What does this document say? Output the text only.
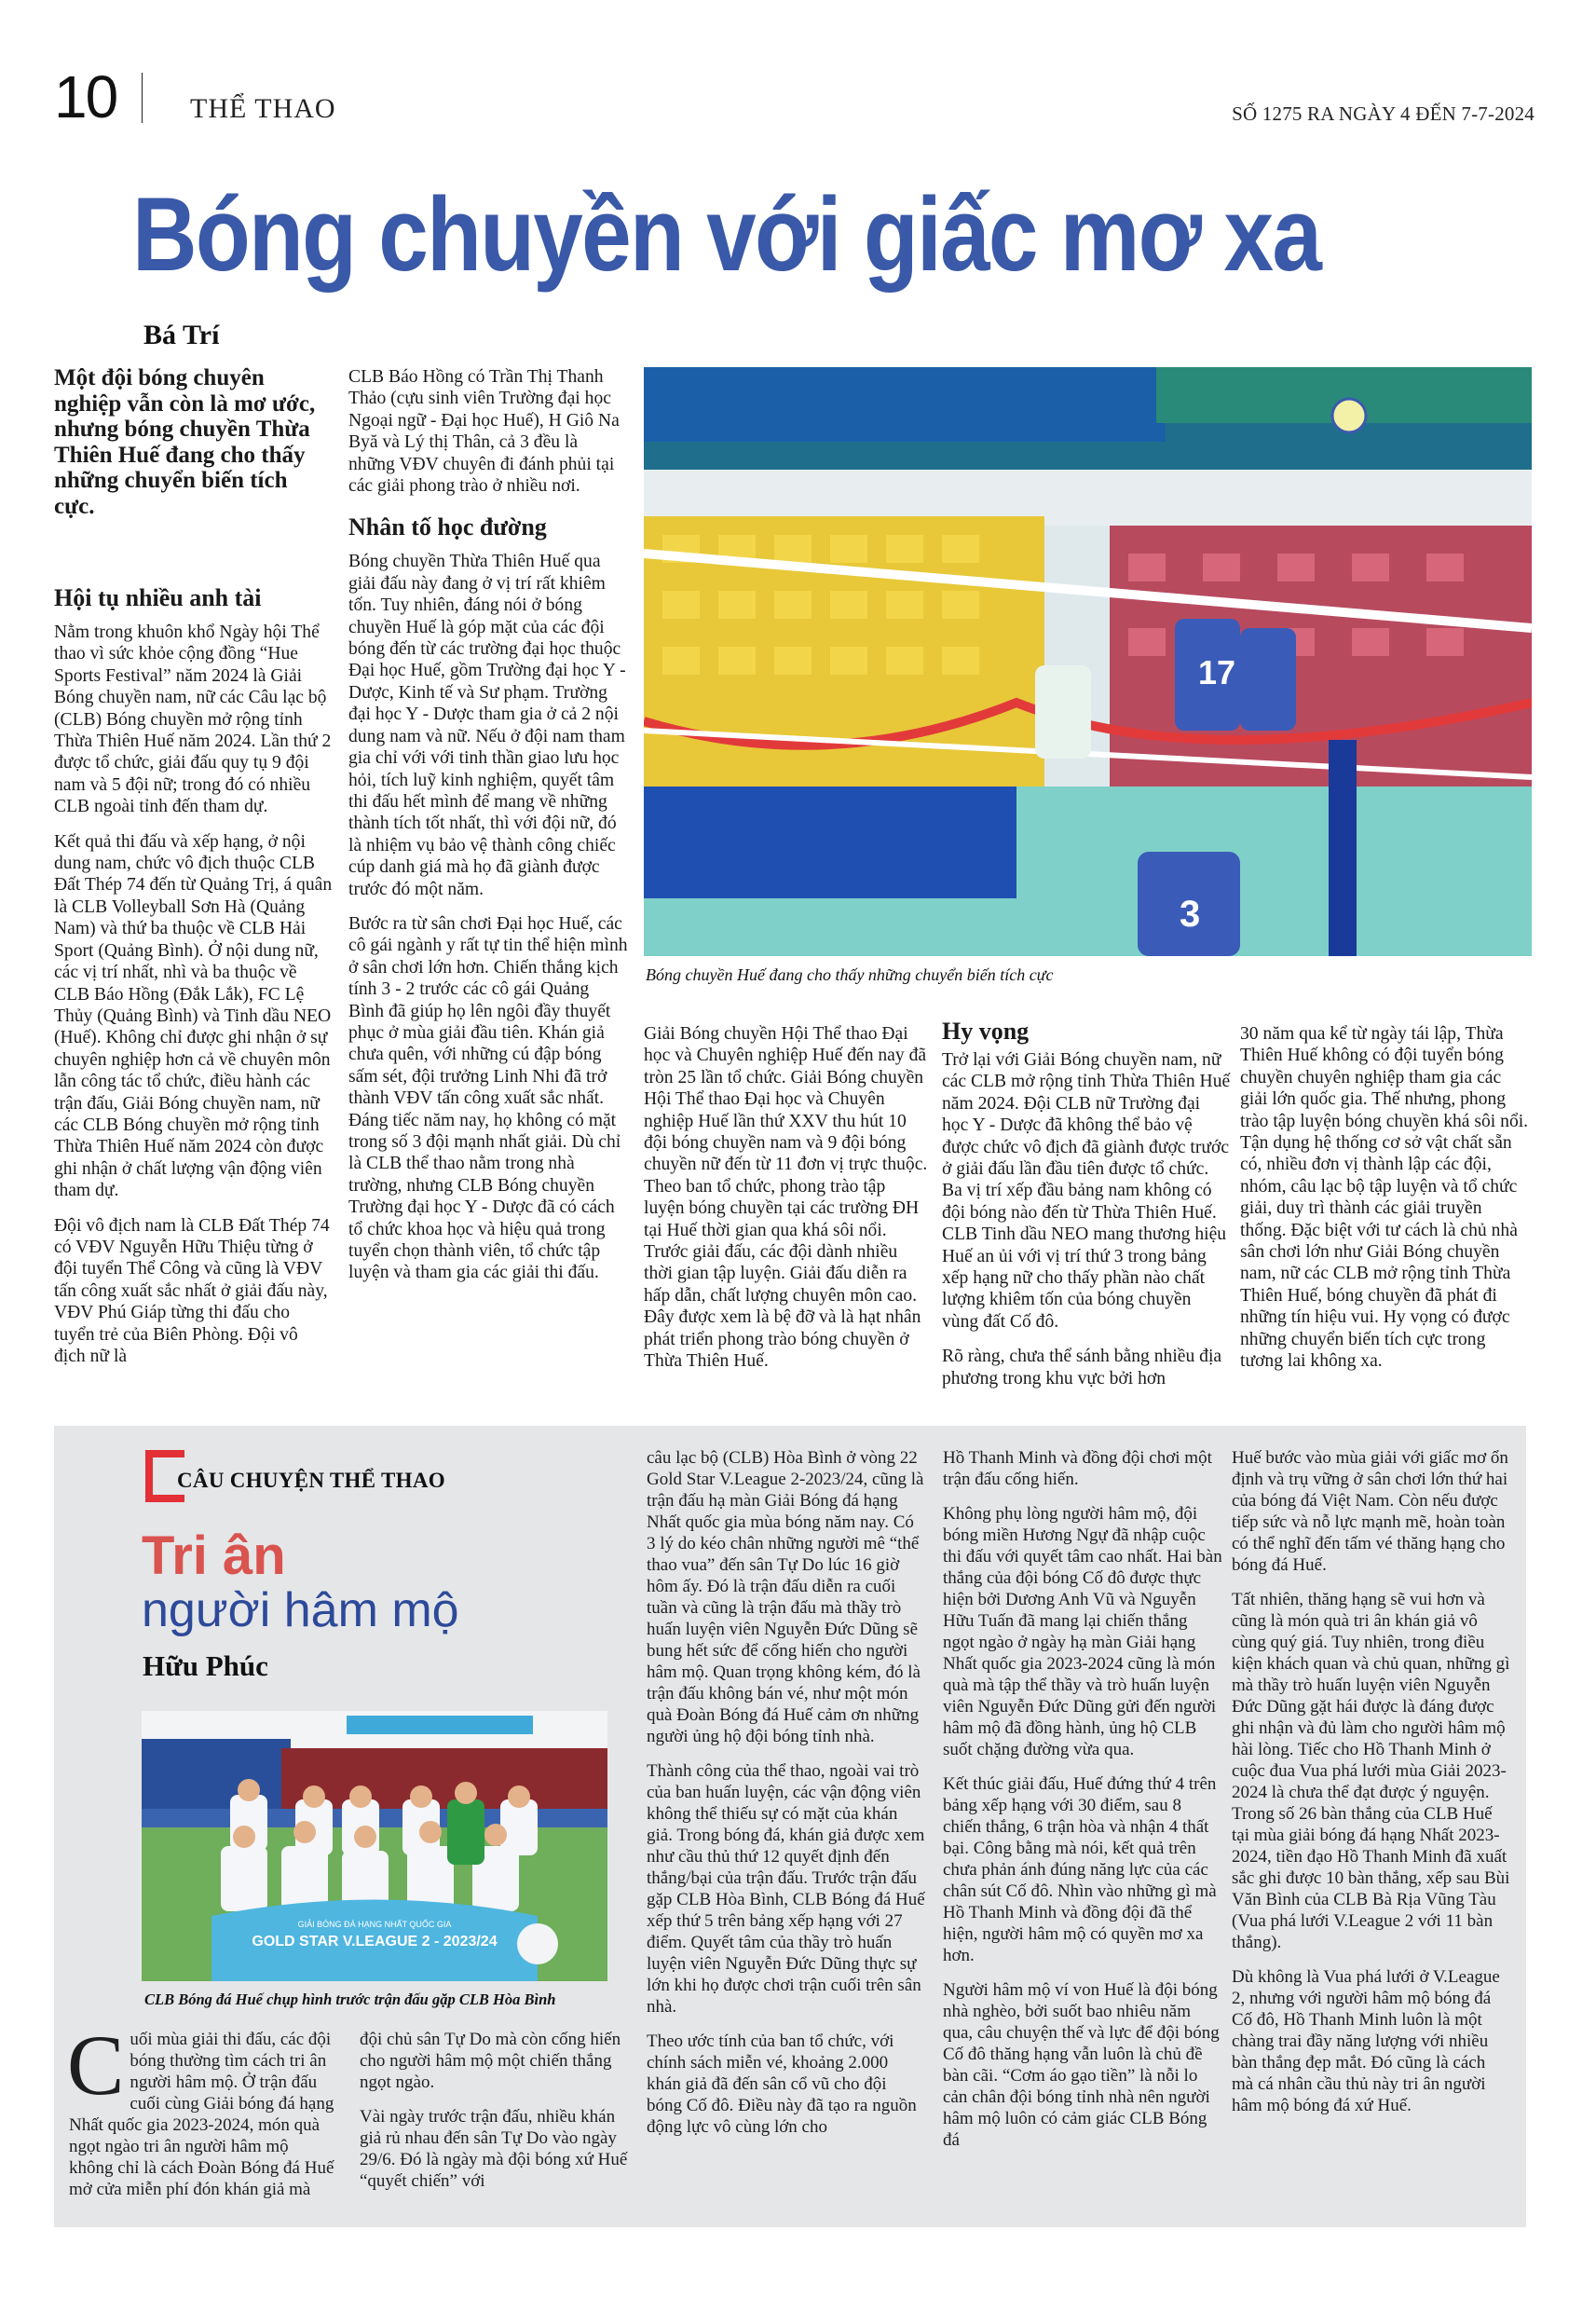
10	THỂ THAO	SỐ 1275 RA NGÀY 4 ĐẾN 7-7-2024
Bóng chuyền với giấc mơ xa
Bá Trí

Một đội bóng chuyên nghiệp vẫn còn là mơ ước, nhưng bóng chuyền Thừa Thiên Huế đang cho thấy những chuyển biến tích cực.

Hội tụ nhiều anh tài

Nằm trong khuôn khổ Ngày hội Thể thao vì sức khỏe cộng đồng “Hue Sports Festival” năm 2024 là Giải Bóng chuyền nam, nữ các Câu lạc bộ (CLB) Bóng chuyền mở rộng tỉnh Thừa Thiên Huế năm 2024. Lần thứ 2 được tổ chức, giải đấu quy tụ 9 đội nam và 5 đội nữ; trong đó có nhiều CLB ngoài tỉnh đến tham dự.

Kết quả thi đấu và xếp hạng, ở nội dung nam, chức vô địch thuộc CLB Đất Thép 74 đến từ Quảng Trị, á quân là CLB Volleyball Sơn Hà (Quảng Nam) và thứ ba thuộc về CLB Hải Sport (Quảng Bình). Ở nội dung nữ, các vị trí nhất, nhì và ba thuộc về CLB Báo Hồng (Đắk Lắk), FC Lệ Thủy (Quảng Bình) và Tinh dầu NEO (Huế). Không chỉ được ghi nhận ở sự chuyên nghiệp hơn cả về chuyên môn lẫn công tác tổ chức, điều hành các trận đấu, Giải Bóng chuyền nam, nữ các CLB Bóng chuyền mở rộng tỉnh Thừa Thiên Huế năm 2024 còn được ghi nhận ở chất lượng vận động viên tham dự.

Đội vô địch nam là CLB Đất Thép 74 có VĐV Nguyễn Hữu Thiệu từng ở đội tuyển Thể Công và cũng là VĐV tấn công xuất sắc nhất ở giải đấu này, VĐV Phú Giáp từng thi đấu cho tuyển trẻ của Biên Phòng. Đội vô địch nữ là

CLB Báo Hồng có Trần Thị Thanh Thảo (cựu sinh viên Trường đại học Ngoại ngữ - Đại học Huế), H Giô Na Byă và Lý thị Thân, cả 3 đều là những VĐV chuyên đi đánh phủi tại các giải phong trào ở nhiều nơi.

Nhân tố học đường

Bóng chuyền Thừa Thiên Huế qua giải đấu này đang ở vị trí rất khiêm tốn. Tuy nhiên, đáng nói ở bóng chuyền Huế là góp mặt của các đội bóng đến từ các trường đại học thuộc Đại học Huế, gồm Trường đại học Y - Dược, Kinh tế và Sư phạm. Trường đại học Y - Dược tham gia ở cả 2 nội dung nam và nữ. Nếu ở đội nam tham gia chỉ với với tinh thần giao lưu học hỏi, tích luỹ kinh nghiệm, quyết tâm thi đấu hết mình để mang về những thành tích tốt nhất, thì với đội nữ, đó là nhiệm vụ bảo vệ thành công chiếc cúp danh giá mà họ đã giành được trước đó một năm.

Bước ra từ sân chơi Đại học Huế, các cô gái ngành y rất tự tin thể hiện mình ở sân chơi lớn hơn. Chiến thắng kịch tính 3 - 2 trước các cô gái Quảng Bình đã giúp họ lên ngôi đầy thuyết phục ở mùa giải đầu tiên. Khán giả chưa quên, với những cú đập bóng sấm sét, đội trưởng Linh Nhi đã trở thành VĐV tấn công xuất sắc nhất. Đáng tiếc năm nay, họ không có mặt trong số 3 đội mạnh nhất giải. Dù chỉ là CLB thể thao nằm trong nhà trường, nhưng CLB Bóng chuyền Trường đại học Y - Dược đã có cách tổ chức khoa học và hiệu quả trong tuyển chọn thành viên, tổ chức tập luyện và tham gia các giải thi đấu.

17
3
Bóng chuyền Huế đang cho thấy những chuyển biến tích cực

Giải Bóng chuyền Hội Thể thao Đại học và Chuyên nghiệp Huế đến nay đã tròn 25 lần tổ chức. Giải Bóng chuyền Hội Thể thao Đại học và Chuyên nghiệp Huế lần thứ XXV thu hút 10 đội bóng chuyền nam và 9 đội bóng chuyền nữ đến từ 11 đơn vị trực thuộc. Theo ban tổ chức, phong trào tập luyện bóng chuyền tại các trường ĐH tại Huế thời gian qua khá sôi nổi. Trước giải đấu, các đội dành nhiều thời gian tập luyện. Giải đấu diễn ra hấp dẫn, chất lượng chuyên môn cao. Đây được xem là bệ đỡ và là hạt nhân phát triển phong trào bóng chuyền ở Thừa Thiên Huế.

Hy vọng

Trở lại với Giải Bóng chuyền nam, nữ các CLB mở rộng tỉnh Thừa Thiên Huế năm 2024. Đội CLB nữ Trường đại học Y - Dược đã không thể bảo vệ được chức vô địch đã giành được trước ở giải đấu lần đầu tiên được tổ chức. Ba vị trí xếp đầu bảng nam không có đội bóng nào đến từ Thừa Thiên Huế. CLB Tinh dầu NEO mang thương hiệu Huế an ủi với vị trí thứ 3 trong bảng xếp hạng nữ cho thấy phần nào chất lượng khiêm tốn của bóng chuyền vùng đất Cố đô.

Rõ ràng, chưa thể sánh bằng nhiều địa phương trong khu vực bởi hơn

30 năm qua kể từ ngày tái lập, Thừa Thiên Huế không có đội tuyển bóng chuyền chuyên nghiệp tham gia các giải lớn quốc gia. Thế nhưng, phong trào tập luyện bóng chuyền khá sôi nổi. Tận dụng hệ thống cơ sở vật chất sẵn có, nhiều đơn vị thành lập các đội, nhóm, câu lạc bộ tập luyện và tổ chức giải, duy trì thành các giải truyền thống. Đặc biệt với tư cách là chủ nhà sân chơi lớn như Giải Bóng chuyền nam, nữ các CLB mở rộng tỉnh Thừa Thiên Huế, bóng chuyền đã phát đi những tín hiệu vui. Hy vọng có được những chuyển biến tích cực trong tương lai không xa.

CÂU CHUYỆN THỂ THAO
Tri ân
người hâm mộ
Hữu Phúc
GIẢI BÓNG ĐÁ HẠNG NHẤT QUỐC GIA
GOLD STAR V.LEAGUE 2 - 2023/24
CLB Bóng đá Huế chụp hình trước trận đấu gặp CLB Hòa Bình

Cuối mùa giải thi đấu, các đội bóng thường tìm cách tri ân người hâm mộ. Ở trận đấu cuối cùng Giải bóng đá hạng Nhất quốc gia 2023-2024, món quà ngọt ngào tri ân người hâm mộ không chỉ là cách Đoàn Bóng đá Huế mở cửa miễn phí đón khán giả mà

đội chủ sân Tự Do mà còn cống hiến cho người hâm mộ một chiến thắng ngọt ngào.

Vài ngày trước trận đấu, nhiều khán giả rủ nhau đến sân Tự Do vào ngày 29/6. Đó là ngày mà đội bóng xứ Huế “quyết chiến” với

câu lạc bộ (CLB) Hòa Bình ở vòng 22 Gold Star V.League 2-2023/24, cũng là trận đấu hạ màn Giải Bóng đá hạng Nhất quốc gia mùa bóng năm nay. Có 3 lý do kéo chân những người mê “thể thao vua” đến sân Tự Do lúc 16 giờ hôm ấy. Đó là trận đấu diễn ra cuối tuần và cũng là trận đấu mà thầy trò huấn luyện viên Nguyễn Đức Dũng sẽ bung hết sức để cống hiến cho người hâm mộ. Quan trọng không kém, đó là trận đấu không bán vé, như một món quà Đoàn Bóng đá Huế cảm ơn những người ủng hộ đội bóng tỉnh nhà.

Thành công của thể thao, ngoài vai trò của ban huấn luyện, các vận động viên không thể thiếu sự có mặt của khán giả. Trong bóng đá, khán giả được xem như cầu thủ thứ 12 quyết định đến thắng/bại của trận đấu. Trước trận đấu gặp CLB Hòa Bình, CLB Bóng đá Huế xếp thứ 5 trên bảng xếp hạng với 27 điểm. Quyết tâm của thầy trò huấn luyện viên Nguyễn Đức Dũng thực sự lớn khi họ được chơi trận cuối trên sân nhà.

Theo ước tính của ban tổ chức, với chính sách miễn vé, khoảng 2.000 khán giả đã đến sân cổ vũ cho đội bóng Cố đô. Điều này đã tạo ra nguồn động lực vô cùng lớn cho

Hồ Thanh Minh và đồng đội chơi một trận đấu cống hiến.

Không phụ lòng người hâm mộ, đội bóng miền Hương Ngự đã nhập cuộc thi đấu với quyết tâm cao nhất. Hai bàn thắng của đội bóng Cố đô được thực hiện bởi Dương Anh Vũ và Nguyễn Hữu Tuấn đã mang lại chiến thắng ngọt ngào ở ngày hạ màn Giải hạng Nhất quốc gia 2023-2024 cũng là món quà mà tập thể thầy và trò huấn luyện viên Nguyễn Đức Dũng gửi đến người hâm mộ đã đồng hành, ủng hộ CLB suốt chặng đường vừa qua.

Kết thúc giải đấu, Huế đứng thứ 4 trên bảng xếp hạng với 30 điểm, sau 8 chiến thắng, 6 trận hòa và nhận 4 thất bại. Công bằng mà nói, kết quả trên chưa phản ánh đúng năng lực của các chân sút Cố đô. Nhìn vào những gì mà Hồ Thanh Minh và đồng đội đã thể hiện, người hâm mộ có quyền mơ xa hơn.

Người hâm mộ ví von Huế là đội bóng nhà nghèo, bởi suốt bao nhiêu năm qua, câu chuyện thế và lực để đội bóng Cố đô thăng hạng vẫn luôn là chủ đề bàn cãi. “Cơm áo gạo tiền” là nỗi lo cản chân đội bóng tỉnh nhà nên người hâm mộ luôn có cảm giác CLB Bóng đá

Huế bước vào mùa giải với giấc mơ ổn định và trụ vững ở sân chơi lớn thứ hai của bóng đá Việt Nam. Còn nếu được tiếp sức và nỗ lực mạnh mẽ, hoàn toàn có thể nghĩ đến tấm vé thăng hạng cho bóng đá Huế.

Tất nhiên, thăng hạng sẽ vui hơn và cũng là món quà tri ân khán giả vô cùng quý giá. Tuy nhiên, trong điều kiện khách quan và chủ quan, những gì mà thầy trò huấn luyện viên Nguyễn Đức Dũng gặt hái được là đáng được ghi nhận và đủ làm cho người hâm mộ hài lòng. Tiếc cho Hồ Thanh Minh ở cuộc đua Vua phá lưới mùa Giải 2023-2024 là chưa thể đạt được ý nguyện. Trong số 26 bàn thắng của CLB Huế tại mùa giải bóng đá hạng Nhất 2023-2024, tiền đạo Hồ Thanh Minh đã xuất sắc ghi được 10 bàn thắng, xếp sau Bùi Văn Bình của CLB Bà Rịa Vũng Tàu (Vua phá lưới V.League 2 với 11 bàn thắng).

Dù không là Vua phá lưới ở V.League 2, nhưng với người hâm mộ bóng đá Cố đô, Hồ Thanh Minh luôn là một chàng trai đầy năng lượng với nhiều bàn thắng đẹp mắt. Đó cũng là cách mà cá nhân cầu thủ này tri ân người hâm mộ bóng đá xứ Huế.
